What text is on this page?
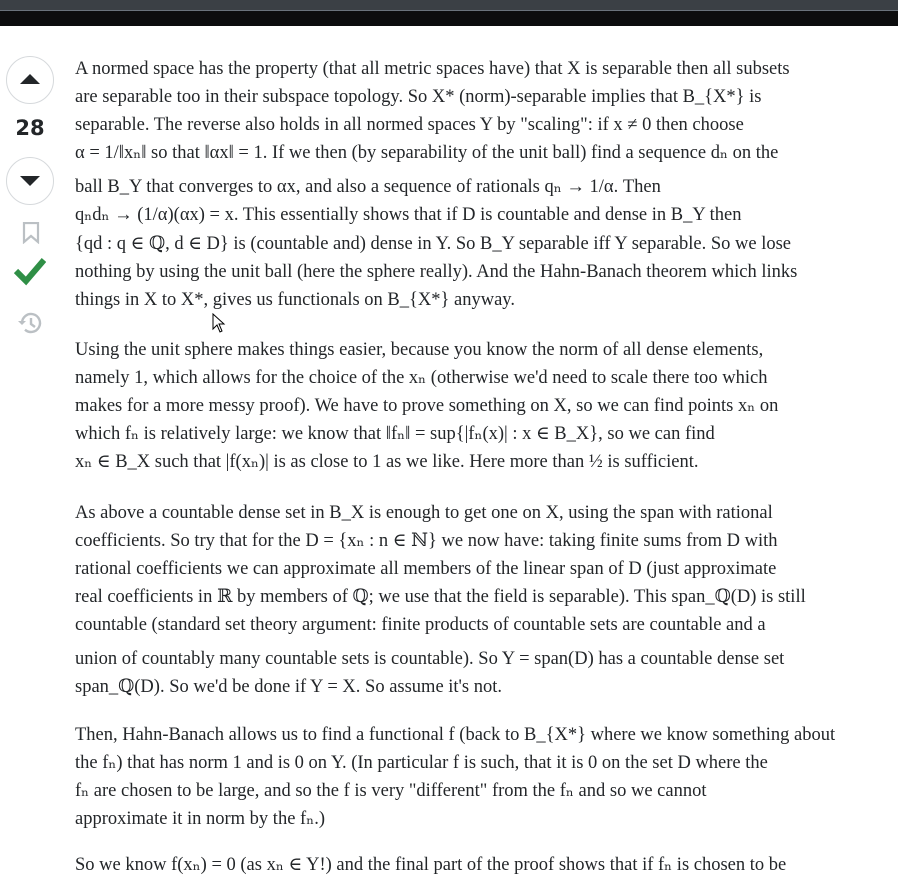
28
A normed space has the property (that all metric spaces have) that X is separable then all subsets
are separable too in their subspace topology. So X* (norm)-separable implies that B_{X*} is
separable. The reverse also holds in all normed spaces Y by "scaling": if x ≠ 0 then choose
α = 1/‖xₙ‖ so that ‖αx‖ = 1. If we then (by separability of the unit ball) find a sequence dₙ on the
ball B_Y that converges to αx, and also a sequence of rationals qₙ → 1/α. Then
qₙdₙ → (1/α)(αx) = x. This essentially shows that if D is countable and dense in B_Y then
{qd : q ∈ ℚ, d ∈ D} is (countable and) dense in Y. So B_Y separable iff Y separable. So we lose
nothing by using the unit ball (here the sphere really). And the Hahn-Banach theorem which links
things in X to X*, gives us functionals on B_{X*} anyway.
Using the unit sphere makes things easier, because you know the norm of all dense elements,
namely 1, which allows for the choice of the xₙ (otherwise we'd need to scale there too which
makes for a more messy proof). We have to prove something on X, so we can find points xₙ on
which fₙ is relatively large: we know that ‖fₙ‖ = sup{|fₙ(x)| : x ∈ B_X}, so we can find
xₙ ∈ B_X such that |f(xₙ)| is as close to 1 as we like. Here more than ½ is sufficient.
As above a countable dense set in B_X is enough to get one on X, using the span with rational
coefficients. So try that for the D = {xₙ : n ∈ ℕ} we now have: taking finite sums from D with
rational coefficients we can approximate all members of the linear span of D (just approximate
real coefficients in ℝ by members of ℚ; we use that the field is separable). This span_ℚ(D) is still
countable (standard set theory argument: finite products of countable sets are countable and a
union of countably many countable sets is countable). So Y = span(D) has a countable dense set
span_ℚ(D). So we'd be done if Y = X. So assume it's not.
Then, Hahn-Banach allows us to find a functional f (back to B_{X*} where we know something about
the fₙ) that has norm 1 and is 0 on Y. (In particular f is such, that it is 0 on the set D where the
fₙ are chosen to be large, and so the f is very "different" from the fₙ and so we cannot
approximate it in norm by the fₙ.)
So we know f(xₙ) = 0 (as xₙ ∈ Y!) and the final part of the proof shows that if fₙ is chosen to be
